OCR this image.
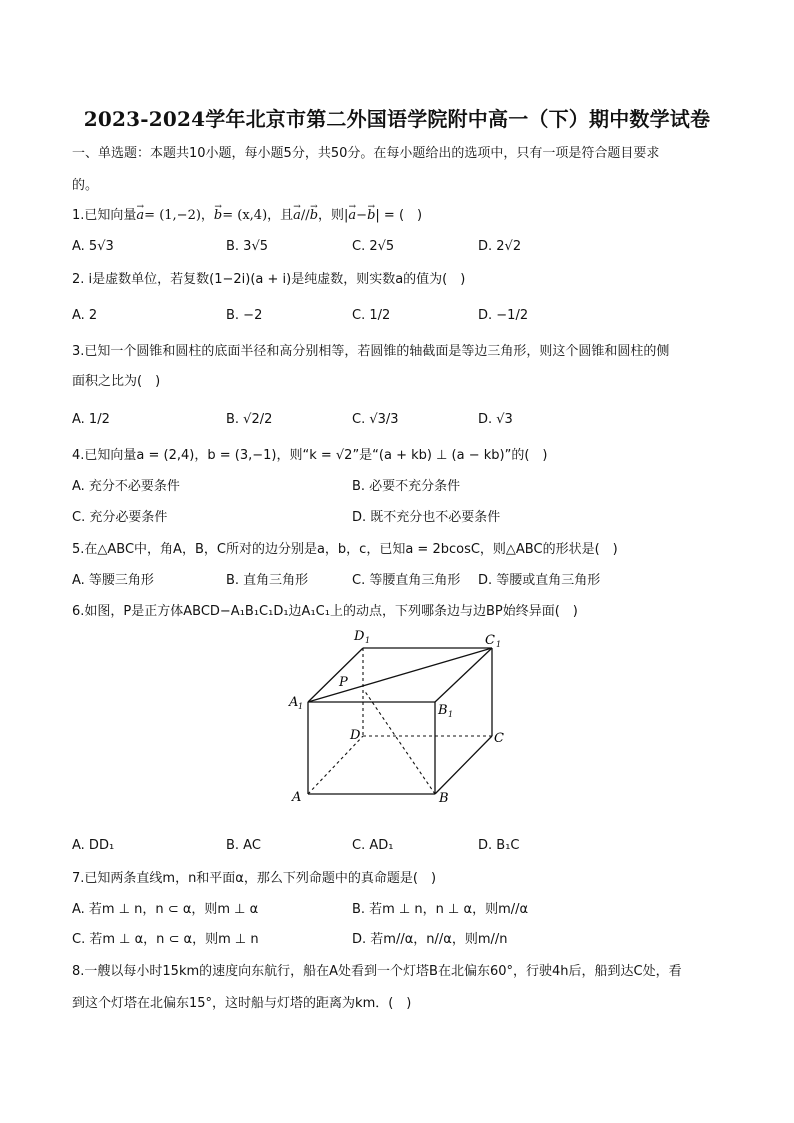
2023-2024学年北京市第二外国语学院附中高一（下）期中数学试卷
一、单选题：本题共10小题，每小题5分，共50分。在每小题给出的选项中，只有一项是符合题目要求
的。
1.已知向量a →= (1,−2)，b →= (x,4)，且a →//b →，则|a →−b →| = (　)
A. 5√3	B. 3√5	C. 2√5	D. 2√2
2. i是虚数单位，若复数(1−2i)(a + i)是纯虚数，则实数a的值为(　)
A. 2	B. −2	C. 1/2	D. −1/2
3.已知一个圆锥和圆柱的底面半径和高分别相等，若圆锥的轴截面是等边三角形，则这个圆锥和圆柱的侧
面积之比为(　)
A. 1/2	B. √2/2	C. √3/3	D. √3
4.已知向量a = (2,4)，b = (3,−1)，则“k = √2”是“(a + kb) ⊥ (a − kb)”的(　)
A. 充分不必要条件	B. 必要不充分条件
C. 充分必要条件	D. 既不充分也不必要条件
5.在△ABC中，角A，B，C所对的边分别是a，b，c，已知a = 2bcosC，则△ABC的形状是(　)
A. 等腰三角形	B. 直角三角形	C. 等腰直角三角形 D. 等腰或直角三角形
6.如图，P是正方体ABCD−A₁B₁C₁D₁边A₁C₁上的动点，下列哪条边与边BP始终异面(　)
D 1	C 1
P
A 1	B 1
D	C
A	B
A. DD₁	B. AC	C. AD₁	D. B₁C
7.已知两条直线m，n和平面α，那么下列命题中的真命题是(　)
A. 若m ⊥ n，n ⊂ α，则m ⊥ α	B. 若m ⊥ n，n ⊥ α，则m//α
C. 若m ⊥ α，n ⊂ α，则m ⊥ n	D. 若m//α，n//α，则m//n
8.一艘以每小时15km的速度向东航行，船在A处看到一个灯塔B在北偏东60°，行驶4h后，船到达C处，看
到这个灯塔在北偏东15°，这时船与灯塔的距离为km．(　)
